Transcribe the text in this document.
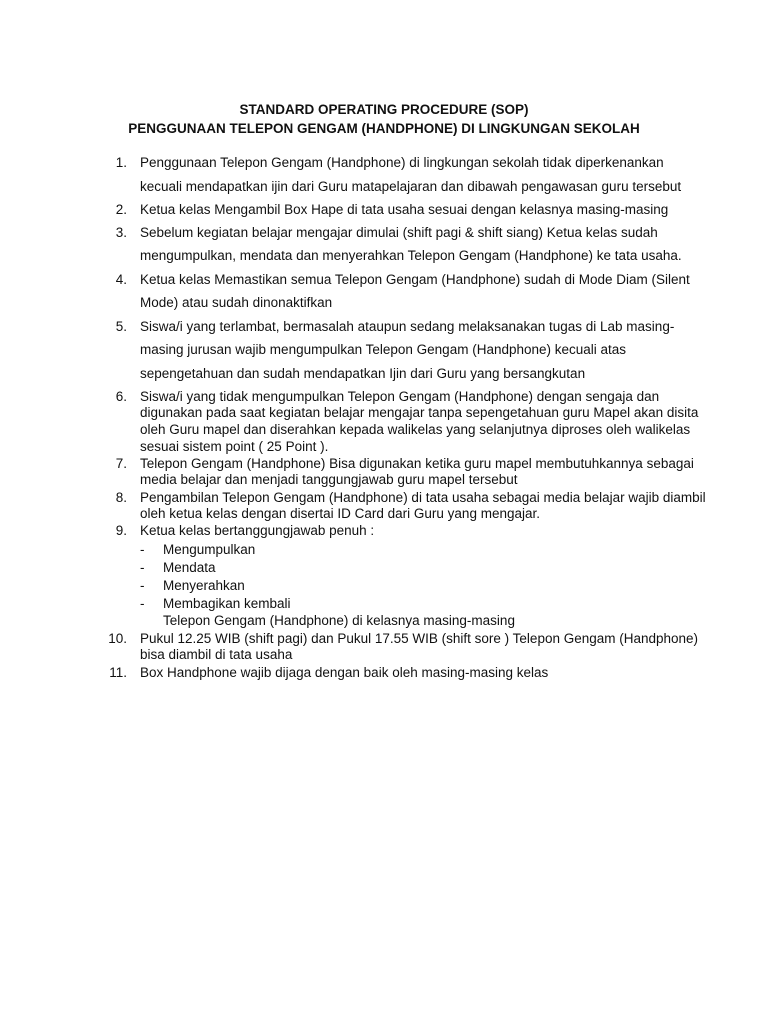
STANDARD OPERATING PROCEDURE (SOP)
PENGGUNAAN TELEPON GENGAM (HANDPHONE) DI LINGKUNGAN SEKOLAH
1. Penggunaan Telepon Gengam (Handphone) di lingkungan sekolah tidak diperkenankan
kecuali mendapatkan ijin dari Guru matapelajaran dan dibawah pengawasan guru tersebut
2. Ketua kelas Mengambil Box Hape di tata usaha sesuai dengan kelasnya masing-masing
3. Sebelum kegiatan belajar mengajar dimulai (shift pagi & shift siang) Ketua kelas sudah
mengumpulkan, mendata dan menyerahkan Telepon Gengam (Handphone) ke tata usaha.
4. Ketua kelas Memastikan semua Telepon Gengam (Handphone) sudah di Mode Diam (Silent
Mode) atau sudah dinonaktifkan
5. Siswa/i yang terlambat, bermasalah ataupun sedang melaksanakan tugas di Lab masing-
masing jurusan wajib mengumpulkan Telepon Gengam (Handphone) kecuali atas
sepengetahuan dan sudah mendapatkan Ijin dari Guru yang bersangkutan
6. Siswa/i yang tidak mengumpulkan Telepon Gengam (Handphone) dengan sengaja dan
digunakan pada saat kegiatan belajar mengajar tanpa sepengetahuan guru Mapel akan disita
oleh Guru mapel dan diserahkan kepada walikelas yang selanjutnya diproses oleh walikelas
sesuai sistem point ( 25 Point ).
7. Telepon Gengam (Handphone) Bisa digunakan ketika guru mapel membutuhkannya sebagai
media belajar dan menjadi tanggungjawab guru mapel tersebut
8. Pengambilan Telepon Gengam (Handphone) di tata usaha sebagai media belajar wajib diambil
oleh ketua kelas dengan disertai ID Card dari Guru yang mengajar.
9. Ketua kelas bertanggungjawab penuh :
- Mengumpulkan
- Mendata
- Menyerahkan
- Membagikan kembali
Telepon Gengam (Handphone) di kelasnya masing-masing
10. Pukul 12.25 WIB (shift pagi) dan Pukul 17.55 WIB (shift sore ) Telepon Gengam (Handphone)
bisa diambil di tata usaha
11. Box Handphone wajib dijaga dengan baik oleh masing-masing kelas
